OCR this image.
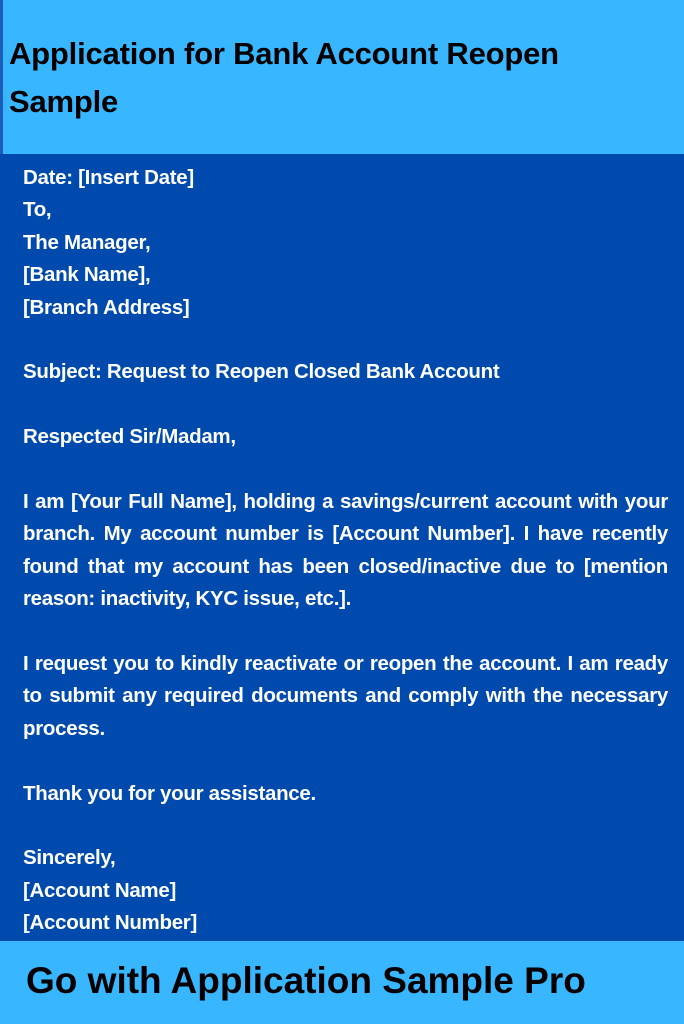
Application for Bank Account Reopen Sample
Date: [Insert Date]
To,
The Manager,
[Bank Name],
[Branch Address]
Subject: Request to Reopen Closed Bank Account
Respected Sir/Madam,
I am [Your Full Name], holding a savings/current account with your branch. My account number is [Account Number]. I have recently found that my account has been closed/inactive due to [mention reason: inactivity, KYC issue, etc.].
I request you to kindly reactivate or reopen the account. I am ready to submit any required documents and comply with the necessary process.
Thank you for your assistance.
Sincerely,
[Account Name]
[Account Number]

Go with Application Sample Pro
